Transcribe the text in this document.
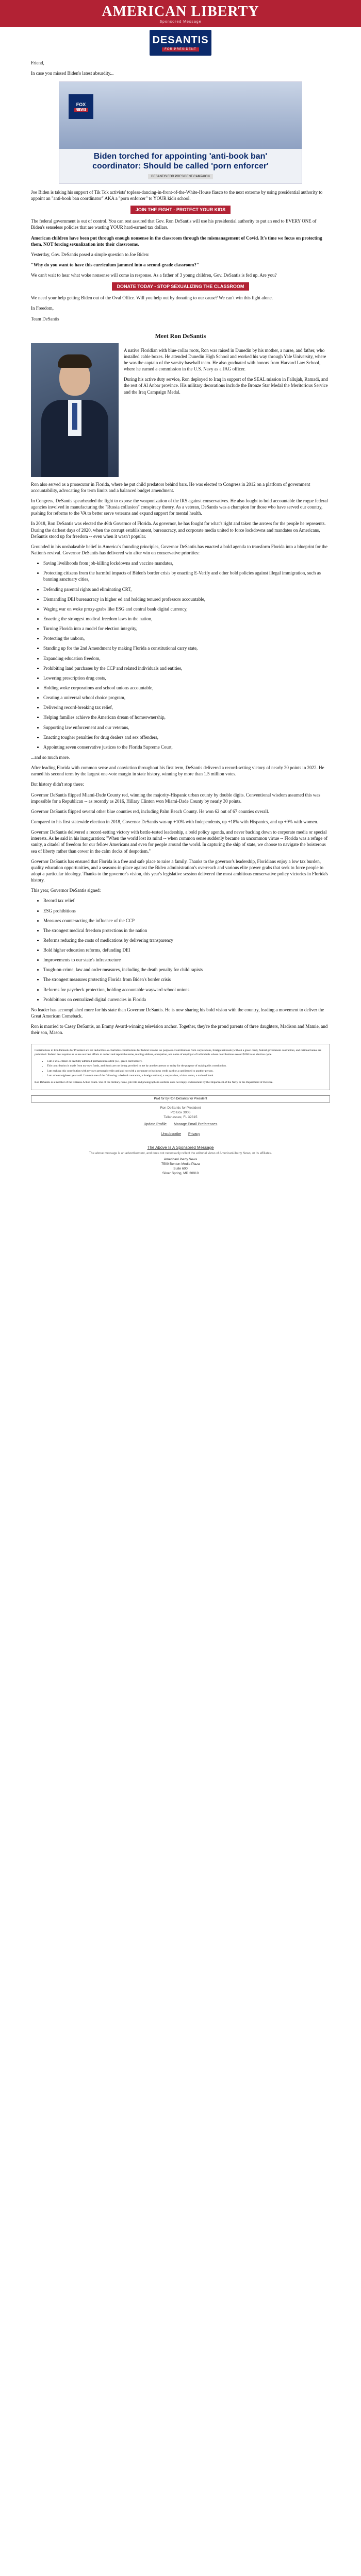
AMERICAN LIBERTY
Sponsored Message
DESANTIS
FOR PRESIDENT

Friend,

In case you missed Biden's latest absurdity...

FOX
NEWS
Biden torched for appointing 'anti-book ban' coordinator: Should be called 'porn enforcer'
DESANTIS FOR PRESIDENT CAMPAIGN

Joe Biden is taking his support of Tik Tok activists' topless-dancing-in-front-of-the-White-House fiasco to the next extreme by using presidential authority to appoint an "anti-book ban coordinator" AKA a "porn enforcer" to YOUR kid's school.

JOIN THE FIGHT - PROTECT YOUR KIDS

The federal government is out of control. You can rest assured that Gov. Ron DeSantis will use his presidential authority to put an end to EVERY ONE of Biden's senseless policies that are wasting YOUR hard-earned tax dollars.

American children have been put through enough nonsense in the classroom through the mismanagement of Covid. It's time we focus on protecting them, NOT forcing sexualization into their classrooms.

Yesterday, Gov. DeSantis posed a simple question to Joe Biden:

"Why do you want to have this curriculum jammed into a second-grade classroom?"

We can't wait to hear what woke nonsense will come in response. As a father of 3 young children, Gov. DeSantis is fed up. Are you?

DONATE TODAY - STOP SEXUALIZING THE CLASSROOM

We need your help getting Biden out of the Oval Office. Will you help out by donating to our cause? We can't win this fight alone.

In Freedom,

Team DeSantis

Meet Ron DeSantis

A native Floridian with blue-collar roots, Ron was raised in Dunedin by his mother, a nurse, and father, who installed cable boxes. He attended Dunedin High School and worked his way through Yale University, where he was the captain of the varsity baseball team. He also graduated with honors from Harvard Law School, where he earned a commission in the U.S. Navy as a JAG officer.

During his active duty service, Ron deployed to Iraq in support of the SEAL mission in Fallujah, Ramadi, and the rest of Al Anbar province. His military decorations include the Bronze Star Medal the Meritorious Service and the Iraq Campaign Medal.

Ron also served as a prosecutor in Florida, where he put child predators behind bars. He was elected to Congress in 2012 on a platform of government accountability, advocating for term limits and a balanced budget amendment.

In Congress, DeSantis spearheaded the fight to expose the weaponization of the IRS against conservatives. He also fought to hold accountable the rogue federal agencies involved in manufacturing the "Russia collusion" conspiracy theory. As a veteran, DeSantis was a champion for those who have served our country, pushing for reforms to the VA to better serve veterans and expand support for mental health.

In 2018, Ron DeSantis was elected the 46th Governor of Florida. As governor, he has fought for what's right and taken the arrows for the people he represents. During the darkest days of 2020, when the corrupt establishment, bureaucracy, and corporate media united to force lockdowns and mandates on Americans, DeSantis stood up for freedom -- even when it wasn't popular.

Grounded in his unshakeable belief in America's founding principles, Governor DeSantis has enacted a bold agenda to transform Florida into a blueprint for the Nation's revival. Governor DeSantis has delivered win after win on conservative priorities:

• Saving livelihoods from job-killing lockdowns and vaccine mandates,
• Protecting citizens from the harmful impacts of Biden's border crisis by enacting E-Verify and other bold policies against illegal immigration, such as banning sanctuary cities,
• Defending parental rights and eliminating CRT,
• Dismantling DEI bureaucracy in higher ed and holding tenured professors accountable,
• Waging war on woke proxy-grabs like ESG and central bank digital currency,
• Enacting the strongest medical freedom laws in the nation,
• Turning Florida into a model for election integrity,
• Protecting the unborn,
• Standing up for the 2nd Amendment by making Florida a constitutional carry state,
• Expanding education freedom,
• Prohibiting land purchases by the CCP and related individuals and entities,
• Lowering prescription drug costs,
• Holding woke corporations and school unions accountable,
• Creating a universal school choice program,
• Delivering record-breaking tax relief,
• Helping families achieve the American dream of homeownership,
• Supporting law enforcement and our veterans,
• Enacting tougher penalties for drug dealers and sex offenders,
• Appointing seven conservative justices to the Florida Supreme Court,

...and so much more.

After leading Florida with common sense and conviction throughout his first term, DeSantis delivered a record-setting victory of nearly 20 points in 2022. He earned his second term by the largest one-vote margin in state history, winning by more than 1.5 million votes.

But history didn't stop there:

Governor DeSantis flipped Miami-Dade County red, winning the majority-Hispanic urban county by double digits. Conventional wisdom assumed this was impossible for a Republican -- as recently as 2016, Hillary Clinton won Miami-Dade County by nearly 30 points.

Governor DeSantis flipped several other blue counties red, including Palm Beach County. He won 62 out of 67 counties overall.

Compared to his first statewide election in 2018, Governor DeSantis was up +10% with Independents, up +18% with Hispanics, and up +9% with women.

Governor DeSantis delivered a record-setting victory with battle-tested leadership, a bold policy agenda, and never backing down to corporate media or special interests. As he said in his inauguration: "When the world lost its mind -- when common sense suddenly became an uncommon virtue -- Florida was a refuge of sanity, a citadel of freedom for our fellow Americans and even for people around the world. In capturing the ship of state, we choose to navigate the boisterous sea of liberty rather than cower in the calm docks of despotism."

Governor DeSantis has ensured that Florida is a free and safe place to raise a family. Thanks to the governor's leadership, Floridians enjoy a low tax burden, quality education opportunities, and a seasons-in-place against the Biden administration's overreach and various elite power grabs that seek to force people to adopt a particular ideology. Thanks to the governor's vision, this year's legislative session delivered the most ambitious conservative policy victories in Florida's history.

This year, Governor DeSantis signed:

• Record tax relief
• ESG prohibitions
• Measures counteracting the influence of the CCP
• The strongest medical freedom protections in the nation
• Reforms reducing the costs of medications by delivering transparency
• Bold higher education reforms, defunding DEI
• Improvements to our state's infrastructure
• Tough-on-crime, law and order measures, including the death penalty for child rapists
• The strongest measures protecting Florida from Biden's border crisis
• Reforms for paycheck protection, holding accountable wayward school unions
• Prohibitions on centralized digital currencies in Florida

No leader has accomplished more for his state than Governor DeSantis. He is now sharing his bold vision with the country, leading a movement to deliver the Great American Comeback.

Ron is married to Casey DeSantis, an Emmy Award-winning television anchor. Together, they're the proud parents of three daughters, Madison and Mamie, and their son, Mason.

Contributions to Ron DeSantis for President are not deductible as charitable contributions for federal income tax purposes. Contributions from corporations, foreign nationals (without a green card), federal government contractors, and national banks are prohibited. Federal law requires us to use our best efforts to collect and report the name, mailing address, occupation, and name of employer of individuals whose contributions exceed $200 in an election cycle.

• I am a U.S. citizen or lawfully admitted permanent resident (i.e., green card holder).
• This contribution is made from my own funds, and funds are not being provided to me by another person or entity for the purpose of making this contribution.
• I am making this contribution with my own personal credit card and not with a corporate or business credit card or a card issued to another person.
• I am at least eighteen years old. I am not one of the following: a federal contractor, a foreign national, a corporation, a labor union, a national bank.

Ron DeSantis is a member of the Citizens Action Team. Use of the military name, job title and photographs in uniform does not imply endorsement by the Department of the Navy or the Department of Defense.

Paid for by Ron DeSantis for President
Ron DeSantis for President
PO Box 3906
Tallahassee, FL 32315
Update Profile Manage Email Preferences
Unsubscribe Privacy
The Above Is A Sponsored Message
The above message is an advertisement, and does not necessarily reflect the editorial views of AmericanLiberty News, or its affiliates.
AmericanLiberty.News
7500 Benton Media Plaza
Suite 600
Silver Spring, MD 20910
